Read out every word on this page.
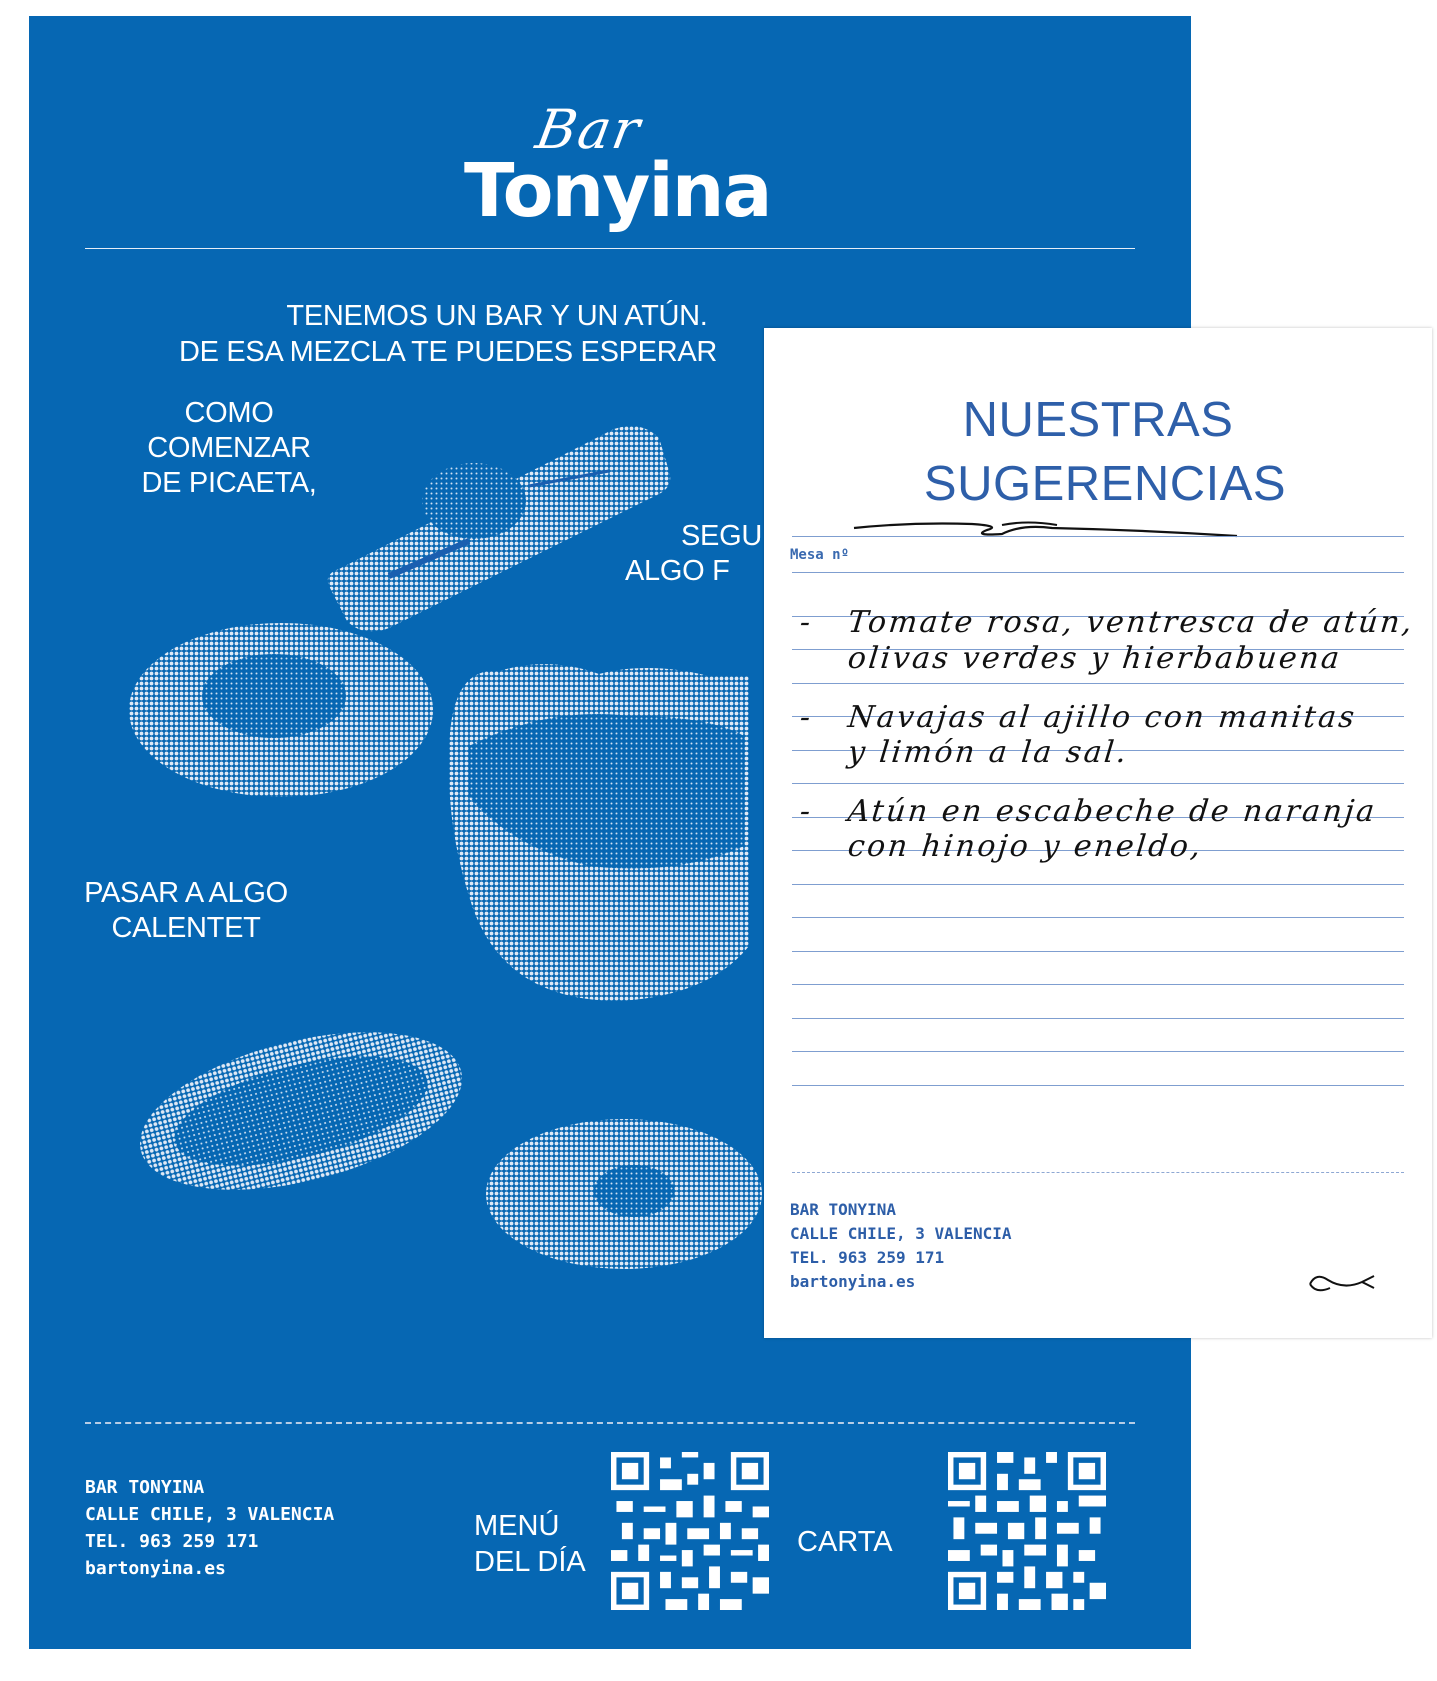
Bar
Tonyina
TENEMOS UN BAR Y UN ATÚN.
DE ESA MEZCLA TE PUEDES ESPERAR
COMO COMENZAR
DE PICAETA,
SEGU
ALGO F
PASAR A ALGO
CALENTET
BAR TONYINA
CALLE CHILE, 3 VALENCIA
TEL. 963 259 171
bartonyina.es
MENÚ
DEL DÍA
CARTA
NUESTRAS
SUGERENCIAS
Mesa nº
- Tomate rosa, ventresca de atún,
olivas verdes y hierbabuena
- Navajas al ajillo con manitas
y limón a la sal.
- Atún en escabeche de naranja
con hinojo y eneldo,
BAR TONYINA
CALLE CHILE, 3 VALENCIA
TEL. 963 259 171
bartonyina.es
